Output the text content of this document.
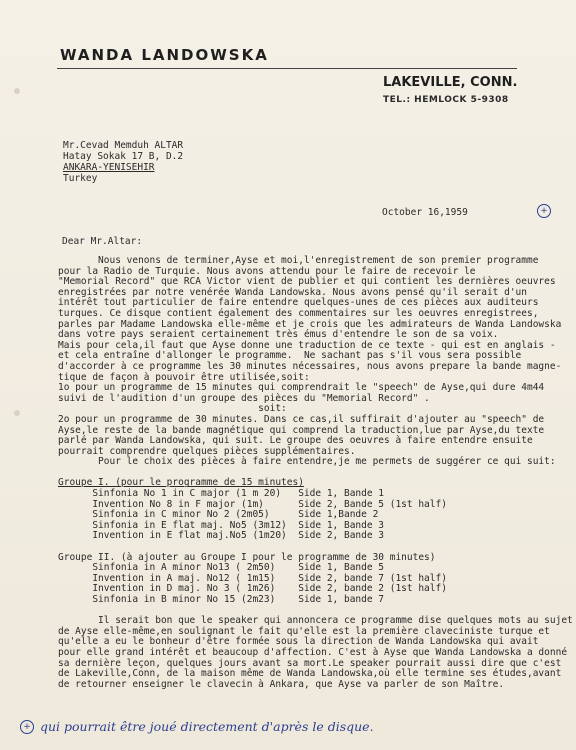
WANDA LANDOWSKA
LAKEVILLE, CONN.
TEL.: HEMLOCK 5-9308
Mr.Cevad Memduh ALTAR
Hatay Sokak 17 B, D.2
ANKARA-YENISEHIR
Turkey
October 16,1959	+
Dear Mr.Altar:
Nous venons de terminer,Ayse et moi,l'enregistrement de son premier programme
pour la Radio de Turquie. Nous avons attendu pour le faire de recevoir le
"Memorial Record" que RCA Victor vient de publier et qui contient les dernières oeuvres
enregistrées par notre venérée Wanda Landowska. Nous avons pensé qu'il serait d'un
intérêt tout particulier de faire entendre quelques-unes de ces pièces aux auditeurs
turques. Ce disque contient également des commentaires sur les oeuvres enregistrees,
parles par Madame Landowska elle-même et je crois que les admirateurs de Wanda Landowska
dans votre pays seraient certainement très émus d'entendre le son de sa voix.
Mais pour cela,il faut que Ayse donne une traduction de ce texte - qui est en anglais -
et cela entraîne d'allonger le programme.  Ne sachant pas s'il vous sera possible
d'accorder à ce programme les 30 minutes nécessaires, nous avons prepare la bande magne-
tique de façon à pouvoir être utilisée,soit:
1o pour un programme de 15 minutes qui comprendrait le "speech" de Ayse,qui dure 4m44
suivi de l'audition d'un groupe des pièces du "Memorial Record" .
soit:
2o pour un programme de 30 minutes. Dans ce cas,il suffirait d'ajouter au "speech" de
Ayse,le reste de la bande magnétique qui comprend la traduction,lue par Ayse,du texte
parlé par Wanda Landowska, qui suit. Le groupe des oeuvres à faire entendre ensuite
pourrait comprendre quelques pièces supplémentaires.
Pour le choix des pièces à faire entendre,je me permets de suggérer ce qui suit:
Groupe I. (pour le programme de 15 minutes)
Sinfonia No 1 in C major (1 m 20)   Side 1, Bande 1
Invention No 8 in F major (1m)      Side 2, Bande 5 (1st half)
Sinfonia in C minor No 2 (2m05)     Side 1,Bande 2
Sinfonia in E flat maj. No5 (3m12)  Side 1, Bande 3
Invention in E flat maj.No5 (1m20)  Side 2, Bande 3
Groupe II. (à ajouter au Groupe I pour le programme de 30 minutes)
Sinfonia in A minor No13 ( 2m50)    Side 1, Bande 5
Invention in A maj. No12 ( 1m15)    Side 2, bande 7 (1st half)
Invention in D maj. No 3 ( 1m26)    Side 2, bande 2 (1st half)
Sinfonia in B minor No 15 (2m23)    Side 1, bande 7
Il serait bon que le speaker qui annoncera ce programme dise quelques mots au sujet
de Ayse elle-même,en soulignant le fait qu'elle est la première claveciniste turque et
qu'elle a eu le bonheur d'être formée sous la direction de Wanda Landowska qui avait
pour elle grand intérêt et beaucoup d'affection. C'est à Ayse que Wanda Landowska a donné
sa dernière leçon, quelques jours avant sa mort.Le speaker pourrait aussi dire que c'est
de Lakeville,Conn, de la maison même de Wanda Landowska,où elle termine ses études,avant
de retourner enseigner le clavecin à Ankara, que Ayse va parler de son Maître.
+ qui pourrait être joué directement d'après le disque.
